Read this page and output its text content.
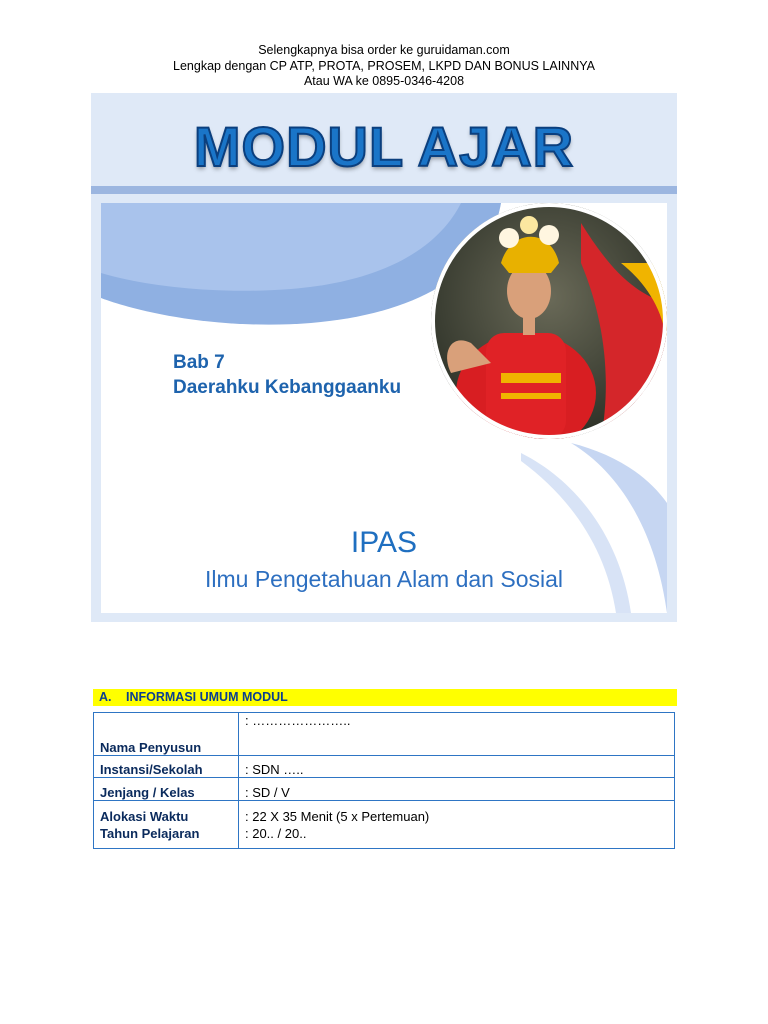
Selengkapnya bisa order ke guruidaman.com
Lengkap dengan CP ATP, PROTA, PROSEM, LKPD DAN BONUS LAINNYA
Atau WA ke 0895-0346-4208
MODUL AJAR
Bab 7
Daerahku Kebanggaanku
IPAS
Ilmu Pengetahuan Alam dan Sosial
A. INFORMASI UMUM MODUL
Nama Penyusun	: …………………..
Instansi/Sekolah	: SDN …..
Jenjang / Kelas	: SD / V
Alokasi Waktu	: 22 X 35 Menit (5 x Pertemuan)
Tahun Pelajaran	: 20.. / 20..
